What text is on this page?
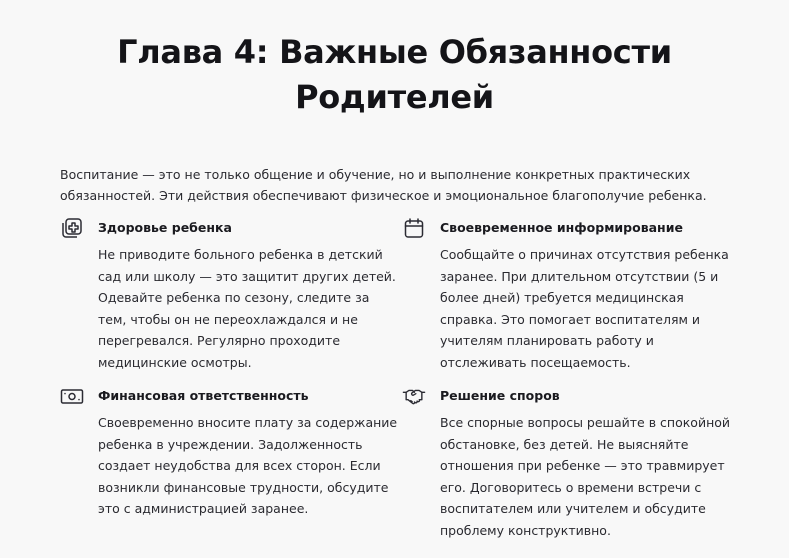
Глава 4: Важные Обязанности Родителей

Воспитание — это не только общение и обучение, но и выполнение конкретных практических обязанностей. Эти действия обеспечивают физическое и эмоциональное благополучие ребенка.

Здоровье ребенка

Не приводите больного ребенка в детский сад или школу — это защитит других детей. Одевайте ребенка по сезону, следите за тем, чтобы он не переохлаждался и не перегревался. Регулярно проходите медицинские осмотры.

Своевременное информирование

Сообщайте о причинах отсутствия ребенка заранее. При длительном отсутствии (5 и более дней) требуется медицинская справка. Это помогает воспитателям и учителям планировать работу и отслеживать посещаемость.

Финансовая ответственность

Своевременно вносите плату за содержание ребенка в учреждении. Задолженность создает неудобства для всех сторон. Если возникли финансовые трудности, обсудите это с администрацией заранее.

Решение споров

Все спорные вопросы решайте в спокойной обстановке, без детей. Не выясняйте отношения при ребенке — это травмирует его. Договоритесь о времени встречи с воспитателем или учителем и обсудите проблему конструктивно.
